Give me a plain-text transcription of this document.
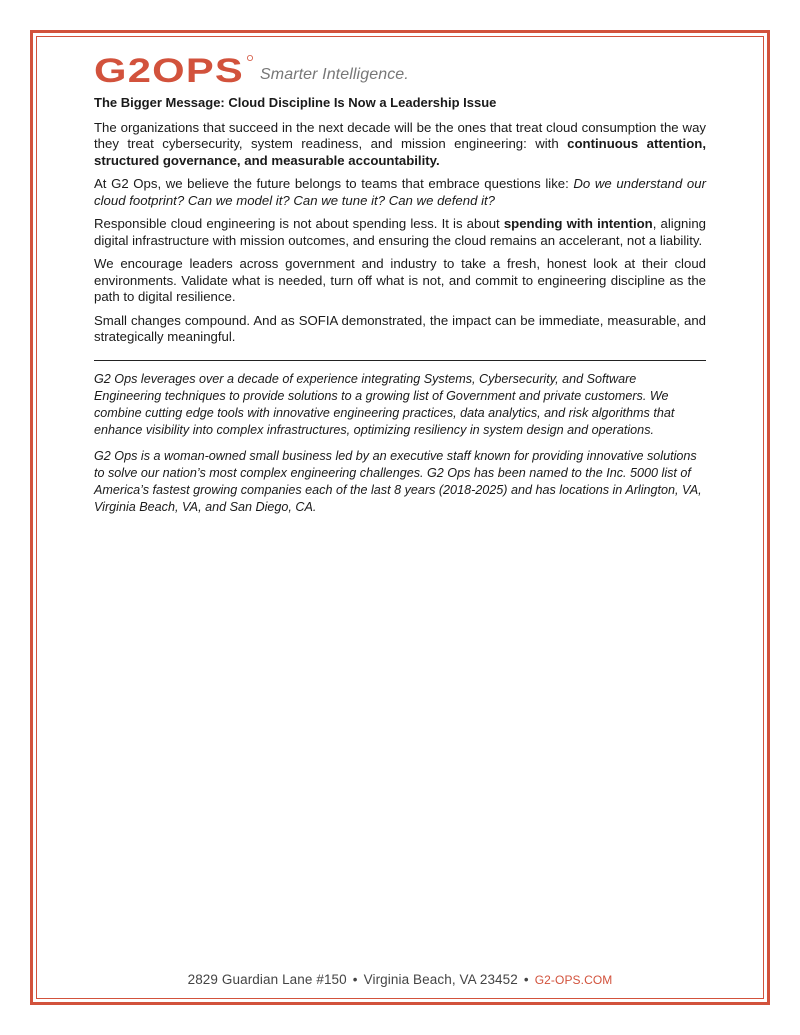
G2OPS Smarter Intelligence.
The Bigger Message: Cloud Discipline Is Now a Leadership Issue

The organizations that succeed in the next decade will be the ones that treat cloud consumption the way they treat cybersecurity, system readiness, and mission engineering: with continuous attention, structured governance, and measurable accountability.

At G2 Ops, we believe the future belongs to teams that embrace questions like: Do we understand our cloud footprint? Can we model it? Can we tune it? Can we defend it?

Responsible cloud engineering is not about spending less. It is about spending with intention, aligning digital infrastructure with mission outcomes, and ensuring the cloud remains an accelerant, not a liability.

We encourage leaders across government and industry to take a fresh, honest look at their cloud environments. Validate what is needed, turn off what is not, and commit to engineering discipline as the path to digital resilience.

Small changes compound. And as SOFIA demonstrated, the impact can be immediate, measurable, and strategically meaningful.

G2 Ops leverages over a decade of experience integrating Systems, Cybersecurity, and Software Engineering techniques to provide solutions to a growing list of Government and private customers. We combine cutting edge tools with innovative engineering practices, data analytics, and risk algorithms that enhance visibility into complex infrastructures, optimizing resiliency in system design and operations.

G2 Ops is a woman-owned small business led by an executive staff known for providing innovative solutions to solve our nation’s most complex engineering challenges. G2 Ops has been named to the Inc. 5000 list of America’s fastest growing companies each of the last 8 years (2018-2025) and has locations in Arlington, VA, Virginia Beach, VA, and San Diego, CA.

2829 Guardian Lane #150 • Virginia Beach, VA 23452 • G2-OPS.COM
